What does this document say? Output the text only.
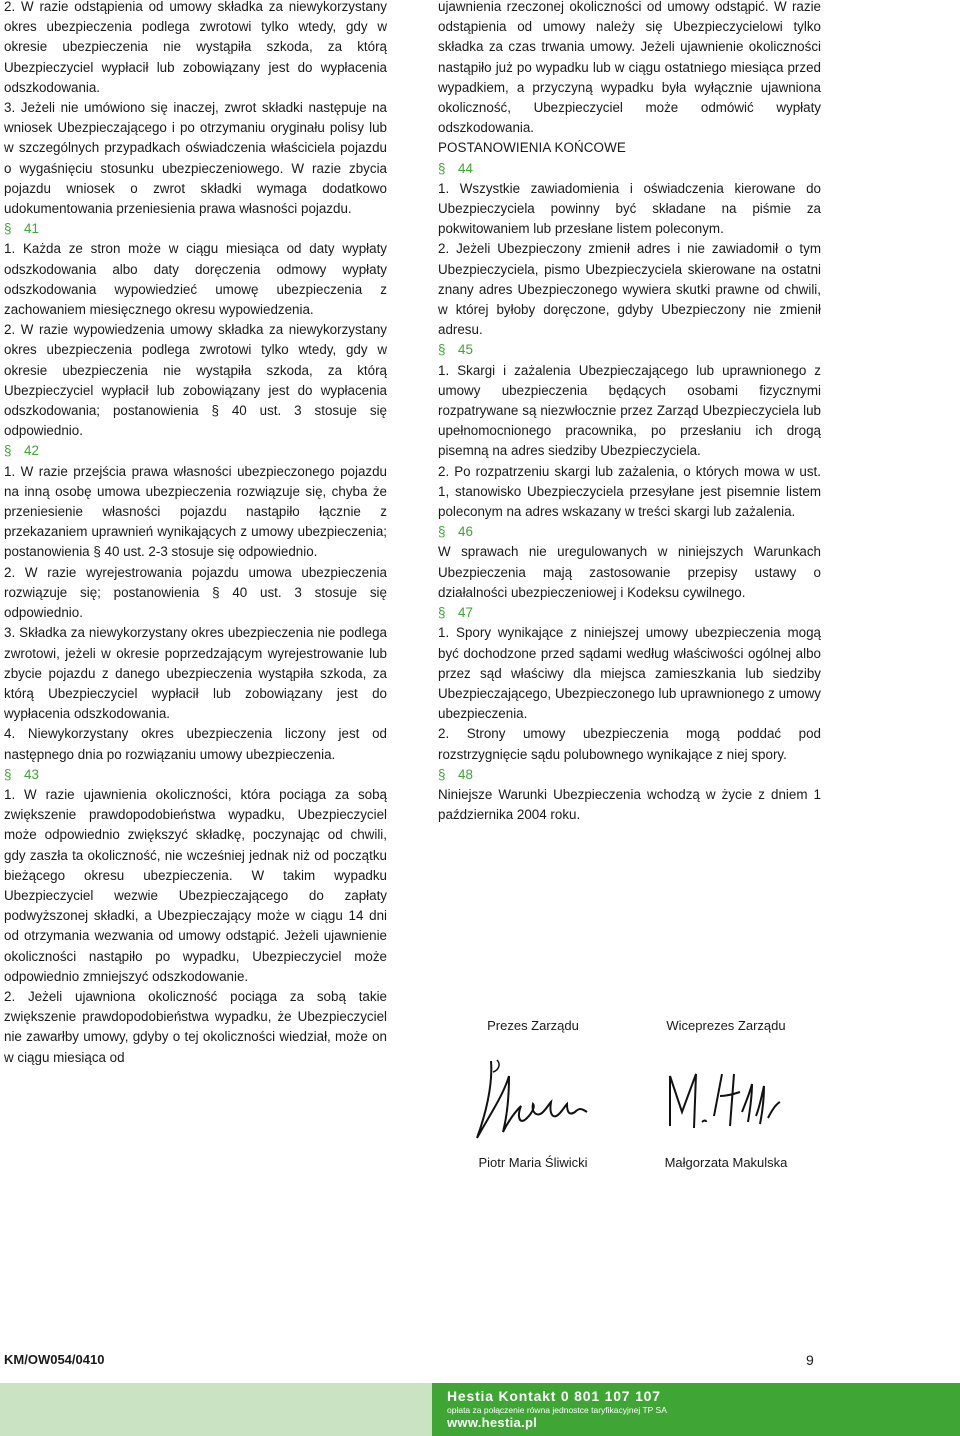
2. W razie odstąpienia od umowy składka za niewykorzystany okres ubezpieczenia podlega zwrotowi tylko wtedy, gdy w okresie ubezpieczenia nie wystąpiła szkoda, za którą Ubezpieczyciel wypłacił lub zobowiązany jest do wypłacenia odszkodowania.

3. Jeżeli nie umówiono się inaczej, zwrot składki następuje na wniosek Ubezpieczającego i po otrzymaniu oryginału polisy lub w szczególnych przypadkach oświadczenia właściciela pojazdu o wygaśnięciu stosunku ubezpieczeniowego. W razie zbycia pojazdu wniosek o zwrot składki wymaga dodatkowo udokumentowania przeniesienia prawa własności pojazdu.

§ 41

1. Każda ze stron może w ciągu miesiąca od daty wypłaty odszkodowania albo daty doręczenia odmowy wypłaty odszkodowania wypowiedzieć umowę ubezpieczenia z zachowaniem miesięcznego okresu wypowiedzenia.

2. W razie wypowiedzenia umowy składka za niewykorzystany okres ubezpieczenia podlega zwrotowi tylko wtedy, gdy w okresie ubezpieczenia nie wystąpiła szkoda, za którą Ubezpieczyciel wypłacił lub zobowiązany jest do wypłacenia odszkodowania; postanowienia § 40 ust. 3 stosuje się odpowiednio.

§ 42

1. W razie przejścia prawa własności ubezpieczonego pojazdu na inną osobę umowa ubezpieczenia rozwiązuje się, chyba że przeniesienie własności pojazdu nastąpiło łącznie z przekazaniem uprawnień wynikających z umowy ubezpieczenia; postanowienia § 40 ust. 2-3 stosuje się odpowiednio.

2. W razie wyrejestrowania pojazdu umowa ubezpieczenia rozwiązuje się; postanowienia § 40 ust. 3 stosuje się odpowiednio.

3. Składka za niewykorzystany okres ubezpieczenia nie podlega zwrotowi, jeżeli w okresie poprzedzającym wyrejestrowanie lub zbycie pojazdu z danego ubezpieczenia wystąpiła szkoda, za którą Ubezpieczyciel wypłacił lub zobowiązany jest do wypłacenia odszkodowania.

4. Niewykorzystany okres ubezpieczenia liczony jest od następnego dnia po rozwiązaniu umowy ubezpieczenia.

§ 43

1. W razie ujawnienia okoliczności, która pociąga za sobą zwiększenie prawdopodobieństwa wypadku, Ubezpieczyciel może odpowiednio zwiększyć składkę, poczynając od chwili, gdy zaszła ta okoliczność, nie wcześniej jednak niż od początku bieżącego okresu ubezpieczenia. W takim wypadku Ubezpieczyciel wezwie Ubezpieczającego do zapłaty podwyższonej składki, a Ubezpieczający może w ciągu 14 dni od otrzymania wezwania od umowy odstąpić. Jeżeli ujawnienie okoliczności nastąpiło po wypadku, Ubezpieczyciel może odpowiednio zmniejszyć odszkodowanie.

2. Jeżeli ujawniona okoliczność pociąga za sobą takie zwiększenie prawdopodobieństwa wypadku, że Ubezpieczyciel nie zawarłby umowy, gdyby o tej okoliczności wiedział, może on w ciągu miesiąca od

ujawnienia rzeczonej okoliczności od umowy odstąpić. W razie odstąpienia od umowy należy się Ubezpieczycielowi tylko składka za czas trwania umowy. Jeżeli ujawnienie okoliczności nastąpiło już po wypadku lub w ciągu ostatniego miesiąca przed wypadkiem, a przyczyną wypadku była wyłącznie ujawniona okoliczność, Ubezpieczyciel może odmówić wypłaty odszkodowania.

POSTANOWIENIA KOŃCOWE

§ 44

1. Wszystkie zawiadomienia i oświadczenia kierowane do Ubezpieczyciela powinny być składane na piśmie za pokwitowaniem lub przesłane listem poleconym.

2. Jeżeli Ubezpieczony zmienił adres i nie zawiadomił o tym Ubezpieczyciela, pismo Ubezpieczyciela skierowane na ostatni znany adres Ubezpieczonego wywiera skutki prawne od chwili, w której byłoby doręczone, gdyby Ubezpieczony nie zmienił adresu.

§ 45

1. Skargi i zażalenia Ubezpieczającego lub uprawnionego z umowy ubezpieczenia będących osobami fizycznymi rozpatrywane są niezwłocznie przez Zarząd Ubezpieczyciela lub upełnomocnionego pracownika, po przesłaniu ich drogą pisemną na adres siedziby Ubezpieczyciela.

2. Po rozpatrzeniu skargi lub zażalenia, o których mowa w ust. 1, stanowisko Ubezpieczyciela przesyłane jest pisemnie listem poleconym na adres wskazany w treści skargi lub zażalenia.

§ 46

W sprawach nie uregulowanych w niniejszych Warunkach Ubezpieczenia mają zastosowanie przepisy ustawy o działalności ubezpieczeniowej i Kodeksu cywilnego.

§ 47

1. Spory wynikające z niniejszej umowy ubezpieczenia mogą być dochodzone przed sądami według właściwości ogólnej albo przez sąd właściwy dla miejsca zamieszkania lub siedziby Ubezpieczającego, Ubezpieczonego lub uprawnionego z umowy ubezpieczenia.

2. Strony umowy ubezpieczenia mogą poddać pod rozstrzygnięcie sądu polubownego wynikające z niej spory.

§ 48

Niniejsze Warunki Ubezpieczenia wchodzą w życie z dniem 1 października 2004 roku.

Prezes Zarządu
Piotr Maria Śliwicki
Wiceprezes Zarządu
Małgorzata Makulska
KM/OW054/0410	9
Hestia Kontakt 0 801 107 107
opłata za połączenie równa jednostce taryfikacyjnej TP SA
www.hestia.pl
